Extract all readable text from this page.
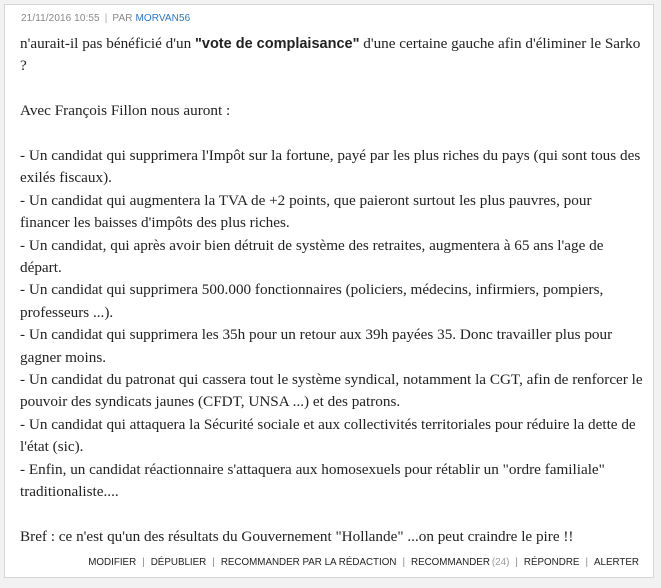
21/11/2016 10:55 | PAR MORVAN56

n'aurait-il pas bénéficié d'un "vote de complaisance" d'une certaine gauche afin d'éliminer le Sarko ?

Avec François Fillon nous auront :

- Un candidat qui supprimera l'Impôt sur la fortune, payé par les plus riches du pays (qui sont tous des exilés fiscaux).

- Un candidat qui augmentera la TVA de +2 points, que paieront surtout les plus pauvres, pour financer les baisses d'impôts des plus riches.

- Un candidat, qui après avoir bien détruit de système des retraites, augmentera à 65 ans l'age de départ.

- Un candidat qui supprimera 500.000 fonctionnaires (policiers, médecins, infirmiers, pompiers, professeurs ...).

- Un candidat qui supprimera les 35h pour un retour aux 39h payées 35. Donc travailler plus pour gagner moins.

- Un candidat du patronat qui cassera tout le système syndical, notamment la CGT, afin de renforcer le pouvoir des syndicats jaunes (CFDT, UNSA ...) et des patrons.

- Un candidat qui attaquera la Sécurité sociale et aux collectivités territoriales pour réduire la dette de l'état (sic).

- Enfin, un candidat réactionnaire s'attaquera aux homosexuels pour rétablir un "ordre familiale" traditionaliste....

Bref : ce n'est qu'un des résultats du Gouvernement "Hollande" ...on peut craindre le pire !!

MODIFIER | DÉPUBLIER | RECOMMANDER PAR LA RÉDACTION | RECOMMANDER (24) | RÉPONDRE | ALERTER
